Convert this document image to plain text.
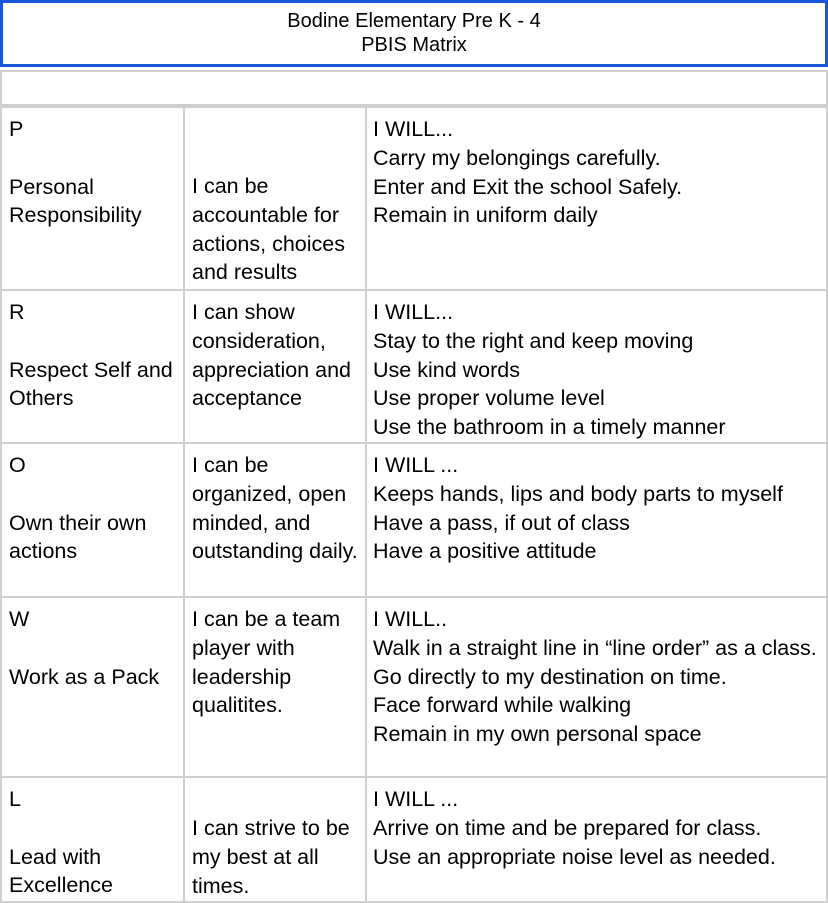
Bodine Elementary Pre K - 4
PBIS Matrix
P
Personal Responsibility	I can be accountable for actions, choices and results	I WILL...
Carry my belongings carefully.
Enter and Exit the school Safely.
Remain in uniform daily

R
Respect Self and Others	I can show consideration, appreciation and acceptance	I WILL...
Stay to the right and keep moving
Use kind words
Use proper volume level
Use the bathroom in a timely manner

O
Own their own actions	I can be organized, open minded, and outstanding daily.	I WILL ...
Keeps hands, lips and body parts to myself
Have a pass, if out of class
Have a positive attitude

W
Work as a Pack	I can be a team player with leadership qualitites.	I WILL..
Walk in a straight line in “line order” as a class.
Go directly to my destination on time.
Face forward while walking
Remain in my own personal space

L
Lead with Excellence	I can strive to be my best at all times.	I WILL ...
Arrive on time and be prepared for class.
Use an appropriate noise level as needed.
